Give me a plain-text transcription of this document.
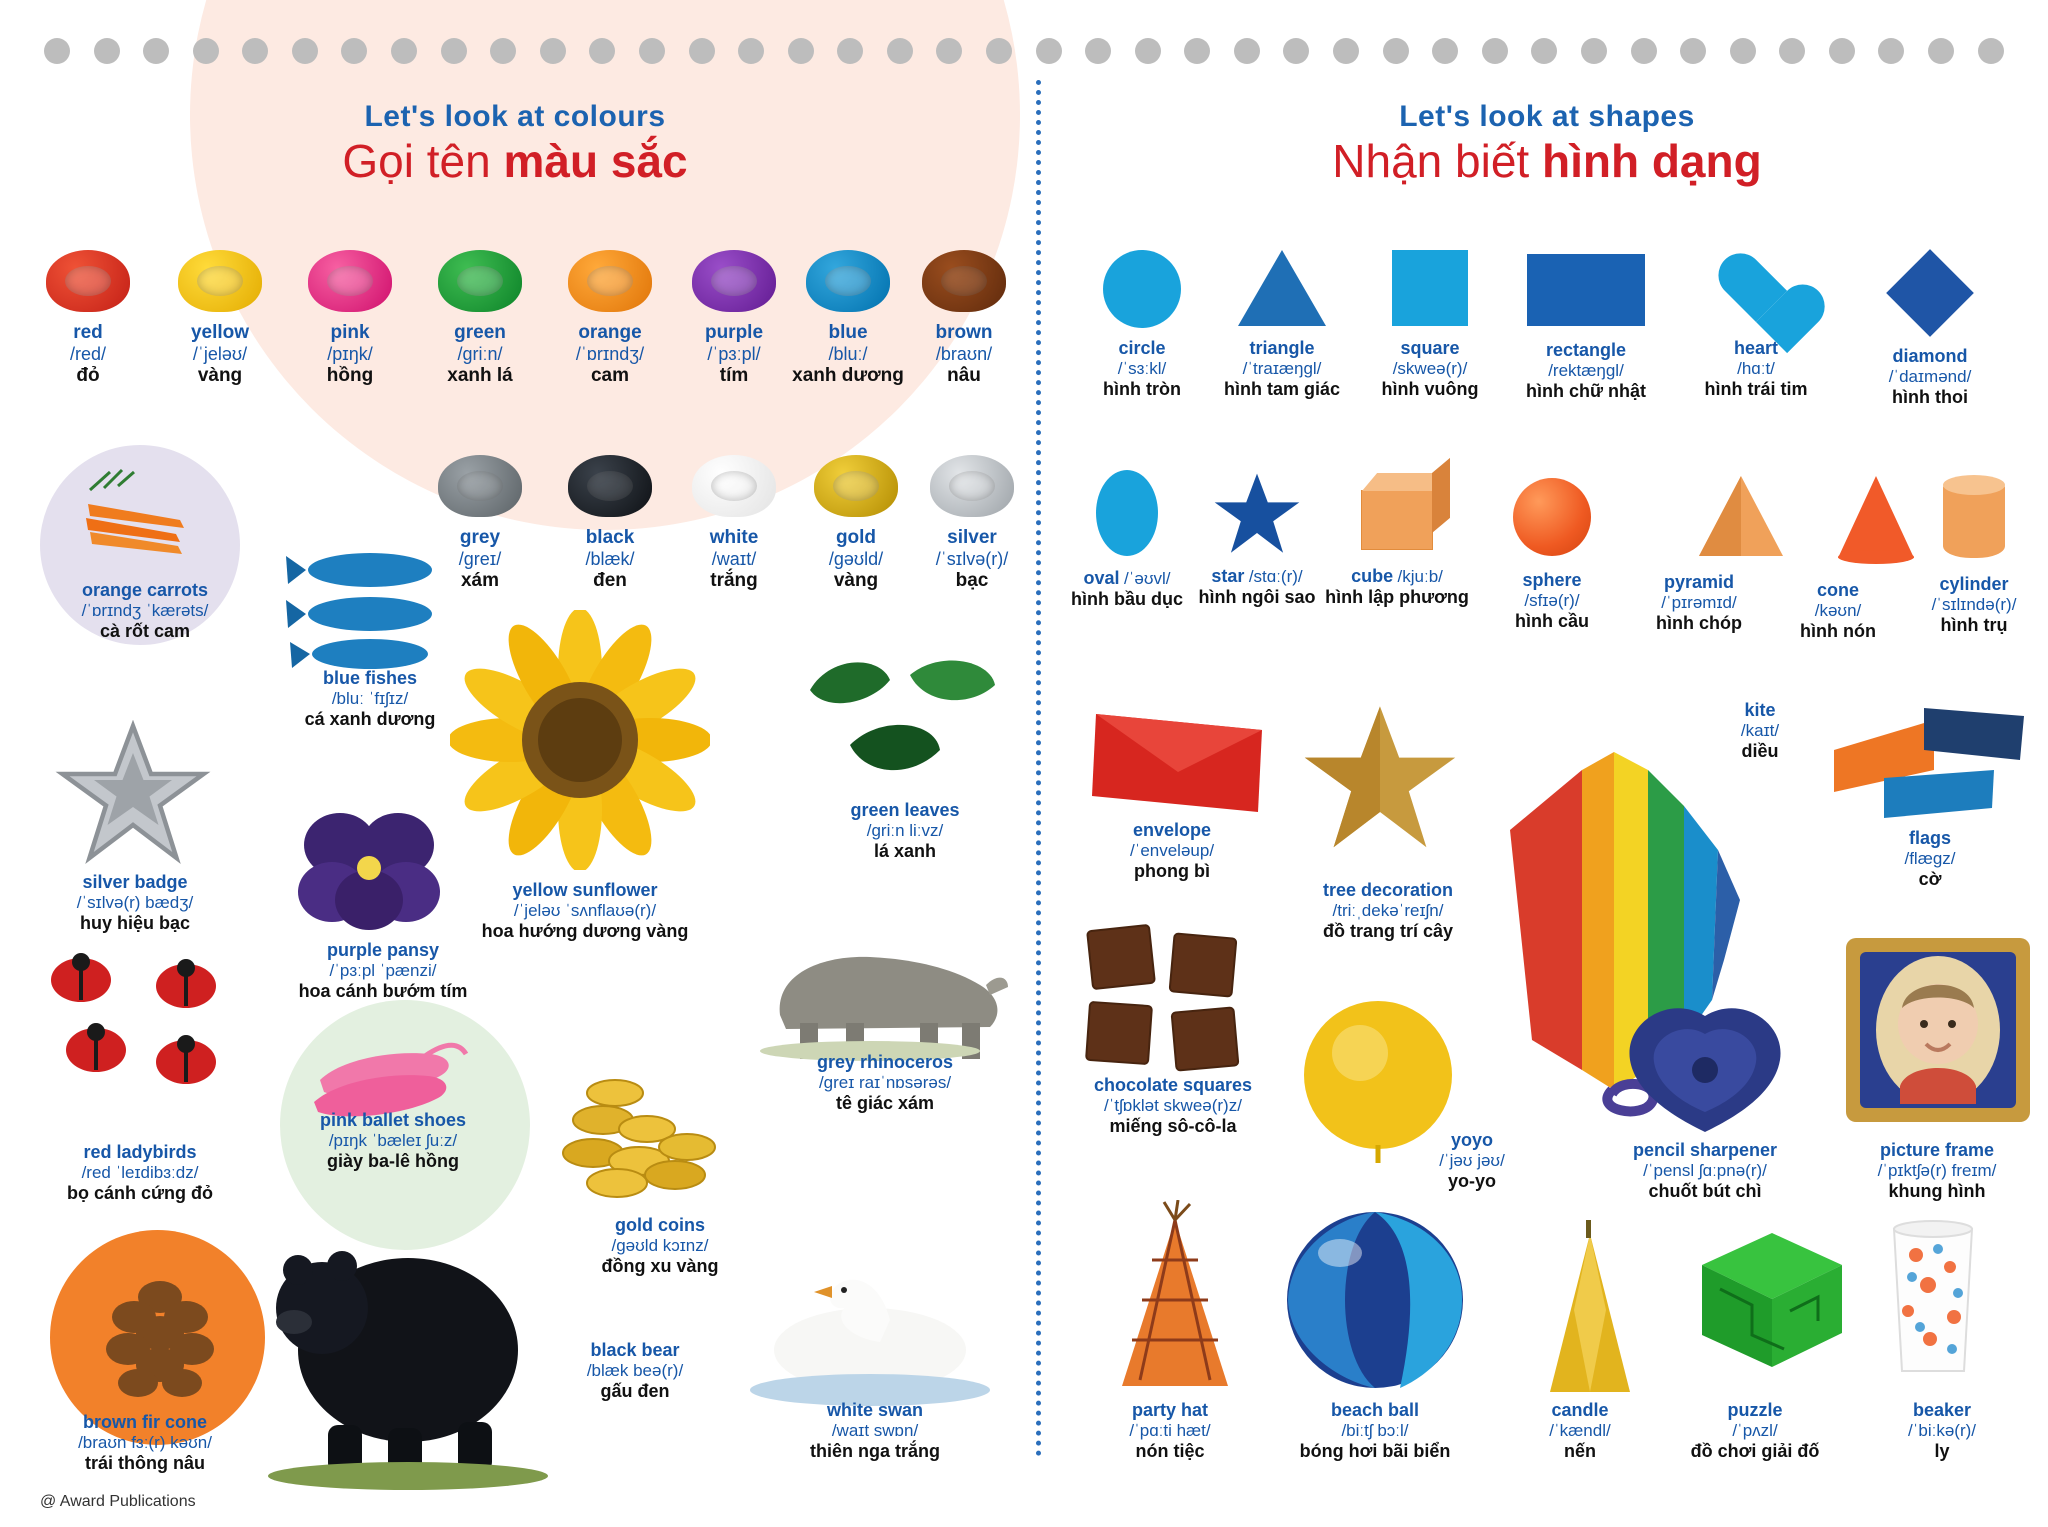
Let's look at colours
Gọi tên màu sắc
red
/red/
đỏ
yellow
/ˈjeləʊ/
vàng
pink
/pɪŋk/
hồng
green
/griːn/
xanh lá
orange
/ˈɒrɪndʒ/
cam
purple
/ˈpɜːpl/
tím
blue
/bluː/
xanh dương
brown
/braʊn/
nâu
grey
/greɪ/
xám
black
/blæk/
đen
white
/waɪt/
trắng
gold
/gəʊld/
vàng
silver
/ˈsɪlvə(r)/
bạc
orange carrots
/ˈɒrɪndʒ ˈkærəts/
cà rốt cam
blue fishes
/bluː ˈfɪʃɪz/
cá xanh dương
yellow sunflower
/ˈjeləʊ ˈsʌnflaʊə(r)/
hoa hướng dương vàng
green leaves
/griːn liːvz/
lá xanh
silver badge
/ˈsɪlvə(r) bædʒ/
huy hiệu bạc
purple pansy
/ˈpɜːpl ˈpænzi/
hoa cánh bướm tím
grey rhinoceros
/greɪ raɪˈnɒsərəs/
tê giác xám
red ladybirds
/red ˈleɪdibɜːdz/
bọ cánh cứng đỏ
pink ballet shoes
/pɪŋk ˈbæleɪ ʃuːz/
giày ba-lê hồng
gold coins
/gəʊld kɔɪnz/
đồng xu vàng
black bear
/blæk beə(r)/
gấu đen
white swan
/waɪt swɒn/
thiên nga trắng
brown fir cone
/braʊn fɜː(r) kəʊn/
trái thông nâu
Let's look at shapes
Nhận biết hình dạng
circle
/ˈsɜːkl/
hình tròn
triangle
/ˈtraɪæŋgl/
hình tam giác
square
/skweə(r)/
hình vuông
rectangle
/rektæŋgl/
hình chữ nhật
heart
/hɑːt/
hình trái tim
diamond
/ˈdaɪmənd/
hình thoi
oval /ˈəʊvl/
hình bầu dục
star /stɑː(r)/
hình ngôi sao
cube /kjuːb/
hình lập phương
sphere
/sfɪə(r)/
hình cầu
pyramid
/ˈpɪrəmɪd/
hình chóp
cone
/kəʊn/
hình nón
cylinder
/ˈsɪlɪndə(r)/
hình trụ
envelope
/ˈenveləup/
phong bì
tree decoration
/triːˌdekəˈreɪʃn/
đồ trang trí cây
kite
/kaɪt/
diều
flags
/flægz/
cờ
chocolate squares
/ˈtʃɒklət skweə(r)z/
miếng sô-cô-la
yoyo
/ˈjəʊ jəʊ/
yo-yo
pencil sharpener
/ˈpensl ʃɑːpnə(r)/
chuốt bút chì
picture frame
/ˈpɪktʃə(r) freɪm/
khung hình
party hat
/ˈpɑːti hæt/
nón tiệc
beach ball
/biːtʃ bɔːl/
bóng hơi bãi biển
candle
/ˈkændl/
nến
puzzle
/ˈpʌzl/
đồ chơi giải đố
beaker
/ˈbiːkə(r)/
ly
@ Award Publications
